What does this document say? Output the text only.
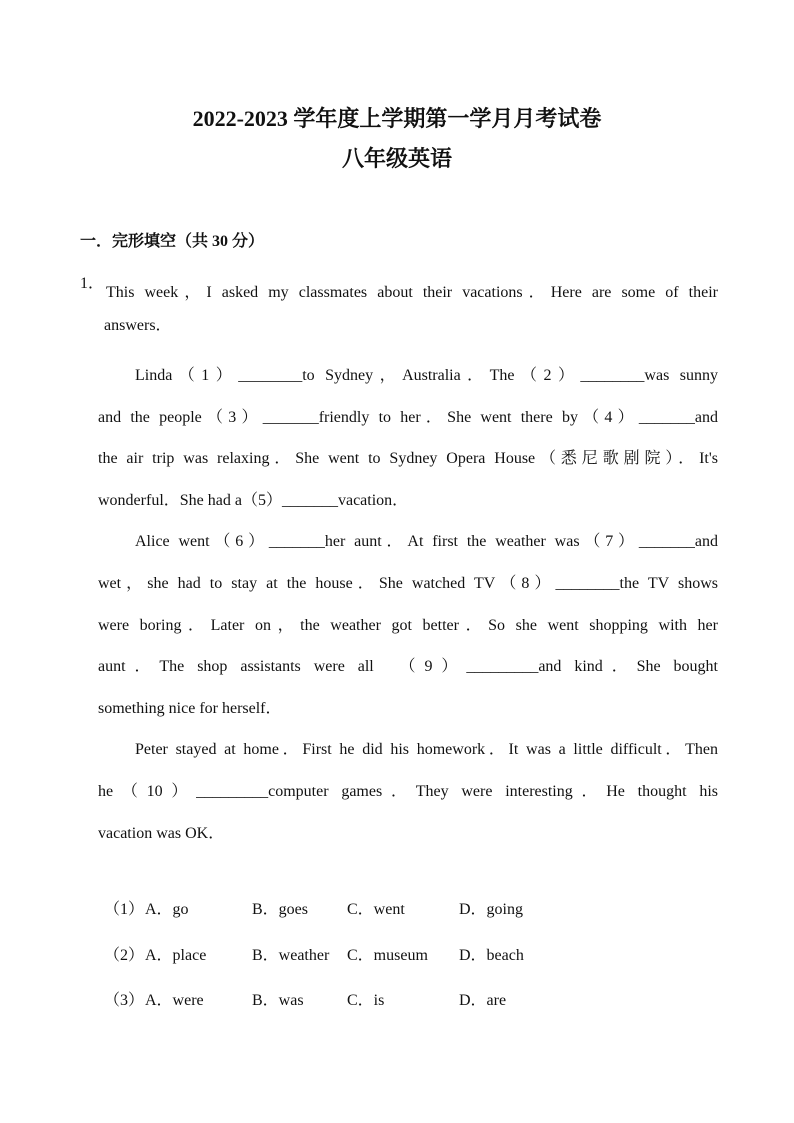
2022-2023 学年度上学期第一学月月考试卷
八年级英语
一．完形填空（共 30 分）
1．
This week，I asked my classmates about their vacations．Here are some of their
answers．
Linda（1）________to Sydney，Australia．The（2）________was sunny
and the people（3）_______friendly to her．She went there by（4）_______and
the air trip was relaxing．She went to Sydney Opera House（悉尼歌剧院）．It's
wonderful．She had a（5）_______vacation．
Alice went（6）_______her aunt．At first the weather was（7）_______and
wet，she had to stay at the house．She watched TV（8）________the TV shows
were boring．Later on，the weather got better．So she went shopping with her
aunt．The shop assistants were all　（9）_________and kind．She bought
something nice for herself．
Peter stayed at home．First he did his homework．It was a little difficult．Then
he（10）_________computer games．They were interesting．He thought his
vacation was OK．
（1） A．go	B．goes C．went	D．going
（2） A．place	B．weather C．museum D．beach
（3） A．were	B．was	C．is	D．are
